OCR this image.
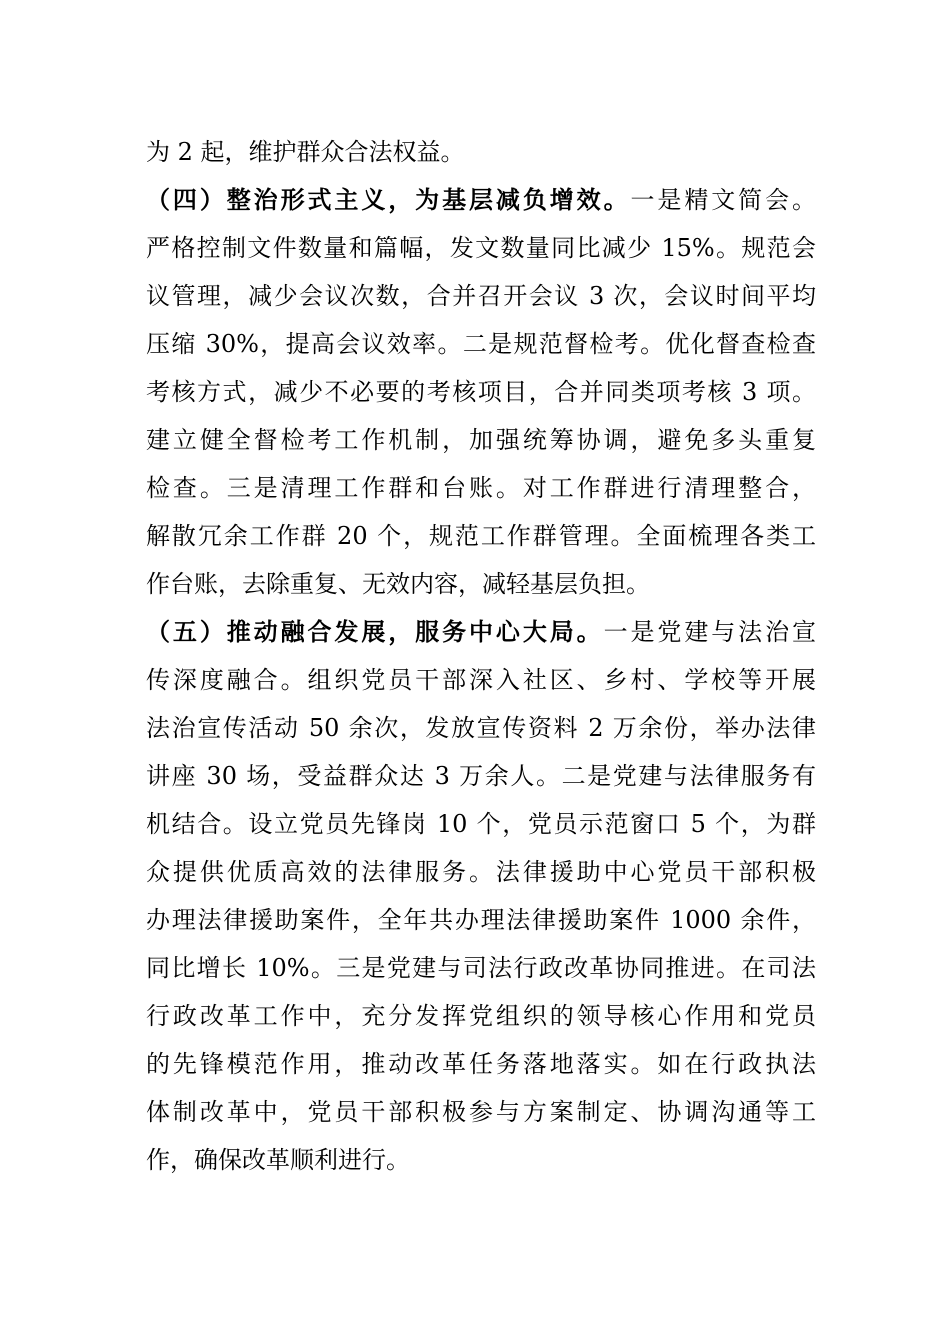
为 2 起，维护群众合法权益。
（四）整治形式主义，为基层减负增效。一是精文简会。
严格控制文件数量和篇幅，发文数量同比减少 15%。规范会
议管理，减少会议次数，合并召开会议 3 次，会议时间平均
压缩 30%，提高会议效率。二是规范督检考。优化督查检查
考核方式，减少不必要的考核项目，合并同类项考核 3 项。
建立健全督检考工作机制，加强统筹协调，避免多头重复
检查。三是清理工作群和台账。对工作群进行清理整合，
解散冗余工作群 20 个，规范工作群管理。全面梳理各类工
作台账，去除重复、无效内容，减轻基层负担。
（五）推动融合发展，服务中心大局。一是党建与法治宣
传深度融合。组织党员干部深入社区、乡村、学校等开展
法治宣传活动 50 余次，发放宣传资料 2 万余份，举办法律
讲座 30 场，受益群众达 3 万余人。二是党建与法律服务有
机结合。设立党员先锋岗 10 个，党员示范窗口 5 个，为群
众提供优质高效的法律服务。法律援助中心党员干部积极
办理法律援助案件，全年共办理法律援助案件 1000 余件，
同比增长 10%。三是党建与司法行政改革协同推进。在司法
行政改革工作中，充分发挥党组织的领导核心作用和党员
的先锋模范作用，推动改革任务落地落实。如在行政执法
体制改革中，党员干部积极参与方案制定、协调沟通等工
作，确保改革顺利进行。
